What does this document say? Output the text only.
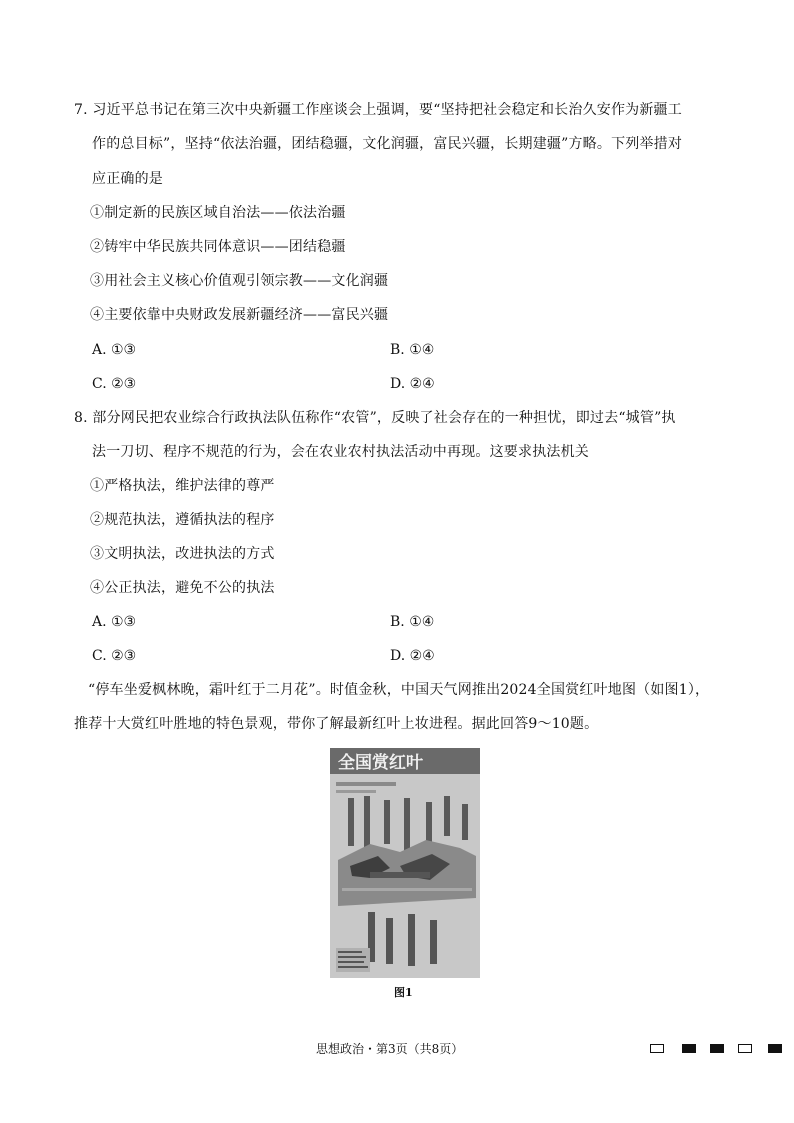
7. 习近平总书记在第三次中央新疆工作座谈会上强调，要“坚持把社会稳定和长治久安作为新疆工
作的总目标”，坚持“依法治疆，团结稳疆，文化润疆，富民兴疆，长期建疆”方略。下列举措对
应正确的是
①制定新的民族区域自治法——依法治疆
②铸牢中华民族共同体意识——团结稳疆
③用社会主义核心价值观引领宗教——文化润疆
④主要依靠中央财政发展新疆经济——富民兴疆
A. ①③	B. ①④
C. ②③	D. ②④
8. 部分网民把农业综合行政执法队伍称作“农管”，反映了社会存在的一种担忧，即过去“城管”执
法一刀切、程序不规范的行为，会在农业农村执法活动中再现。这要求执法机关
①严格执法，维护法律的尊严
②规范执法，遵循执法的程序
③文明执法，改进执法的方式
④公正执法，避免不公的执法
A. ①③	B. ①④
C. ②③	D. ②④
“停车坐爱枫林晚，霜叶红于二月花”。时值金秋，中国天气网推出2024全国赏红叶地图（如图1），
推荐十大赏红叶胜地的特色景观，带你了解最新红叶上妆进程。据此回答9～10题。
全国赏红叶
图1
思想政治・第3页（共8页）
